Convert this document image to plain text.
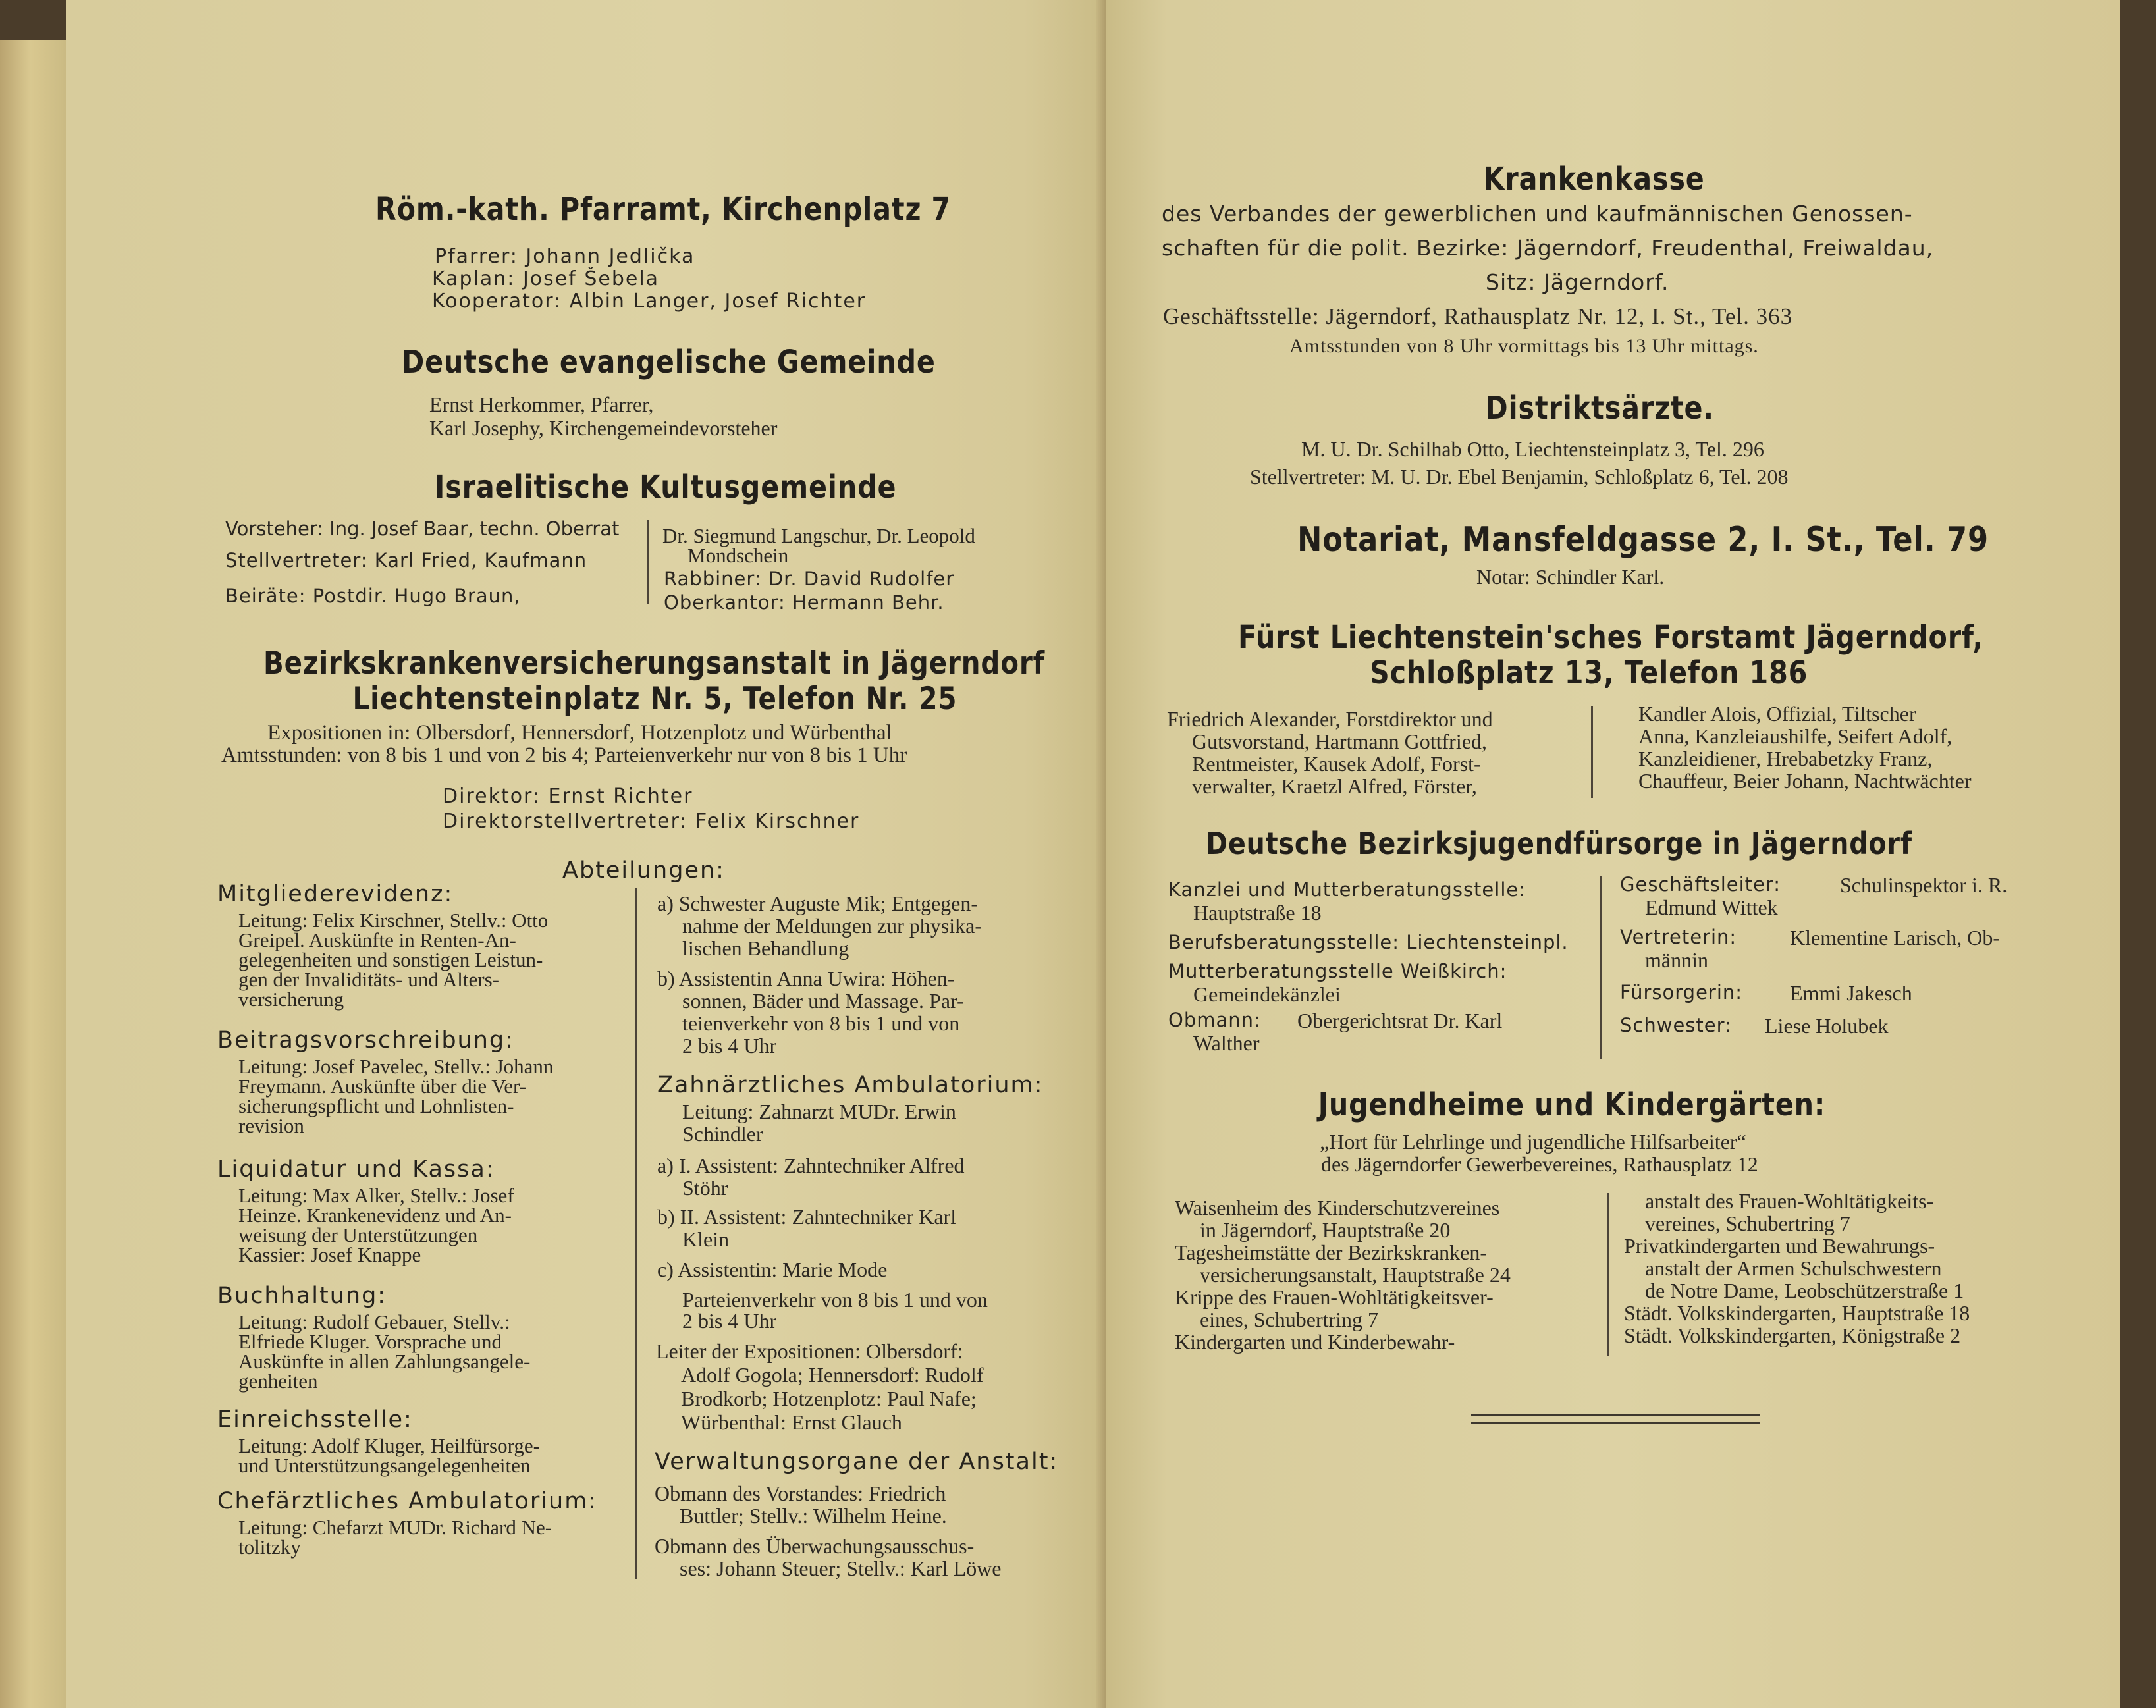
Röm.-kath. Pfarramt, Kirchenplatz 7
Pfarrer: Johann Jedlička
Kaplan: Josef Šebela
Kooperator: Albin Langer, Josef Richter
Deutsche evangelische Gemeinde
Ernst Herkommer, Pfarrer,
Karl Josephy, Kirchengemeindevorsteher
Israelitische Kultusgemeinde
Vorsteher: Ing. Josef Baar, techn. Oberrat
Stellvertreter: Karl Fried, Kaufmann
Beiräte: Postdir. Hugo Braun,
Dr. Siegmund Langschur, Dr. Leopold
Mondschein
Rabbiner: Dr. David Rudolfer
Oberkantor: Hermann Behr.
Bezirkskrankenversicherungsanstalt in Jägerndorf
Liechtensteinplatz Nr. 5, Telefon Nr. 25
Expositionen in: Olbersdorf, Hennersdorf, Hotzenplotz und Würbenthal
Amtsstunden: von 8 bis 1 und von 2 bis 4; Parteienverkehr nur von 8 bis 1 Uhr
Direktor: Ernst Richter
Direktorstellvertreter: Felix Kirschner
Abteilungen:
Mitgliederevidenz:
Leitung: Felix Kirschner, Stellv.: Otto
Greipel. Auskünfte in Renten-An-
gelegenheiten und sonstigen Leistun-
gen der Invaliditäts- und Alters-
versicherung
Beitragsvorschreibung:
Leitung: Josef Pavelec, Stellv.: Johann
Freymann. Auskünfte über die Ver-
sicherungspflicht und Lohnlisten-
revision
Liquidatur und Kassa:
Leitung: Max Alker, Stellv.: Josef
Heinze. Krankenevidenz und An-
weisung der Unterstützungen
Kassier: Josef Knappe
Buchhaltung:
Leitung: Rudolf Gebauer, Stellv.:
Elfriede Kluger. Vorsprache und
Auskünfte in allen Zahlungsangele-
genheiten
Einreichsstelle:
Leitung: Adolf Kluger, Heilfürsorge-
und Unterstützungsangelegenheiten
Chefärztliches Ambulatorium:
Leitung: Chefarzt MUDr. Richard Ne-
tolitzky
a) Schwester Auguste Mik; Entgegen-
nahme der Meldungen zur physika-
lischen Behandlung
b) Assistentin Anna Uwira: Höhen-
sonnen, Bäder und Massage. Par-
teienverkehr von 8 bis 1 und von
2 bis 4 Uhr
Zahnärztliches Ambulatorium:
Leitung: Zahnarzt MUDr. Erwin
Schindler
a) I. Assistent: Zahntechniker Alfred
Stöhr
b) II. Assistent: Zahntechniker Karl
Klein
c) Assistentin: Marie Mode
Parteienverkehr von 8 bis 1 und von
2 bis 4 Uhr
Leiter der Expositionen: Olbersdorf:
Adolf Gogola; Hennersdorf: Rudolf
Brodkorb; Hotzenplotz: Paul Nafe;
Würbenthal: Ernst Glauch
Verwaltungsorgane der Anstalt:
Obmann des Vorstandes: Friedrich
Buttler; Stellv.: Wilhelm Heine.
Obmann des Überwachungsausschus-
ses: Johann Steuer; Stellv.: Karl Löwe
Krankenkasse
des Verbandes der gewerblichen und kaufmännischen Genossen-
schaften für die polit. Bezirke: Jägerndorf, Freudenthal, Freiwaldau,
Sitz: Jägerndorf.
Geschäftsstelle: Jägerndorf, Rathausplatz Nr. 12, I. St., Tel. 363
Amtsstunden von 8 Uhr vormittags bis 13 Uhr mittags.
Distriktsärzte.
M. U. Dr. Schilhab Otto, Liechtensteinplatz 3, Tel. 296
Stellvertreter: M. U. Dr. Ebel Benjamin, Schloßplatz 6, Tel. 208
Notariat, Mansfeldgasse 2, I. St., Tel. 79
Notar: Schindler Karl.
Fürst Liechtenstein'sches Forstamt Jägerndorf,
Schloßplatz 13, Telefon 186
Friedrich Alexander, Forstdirektor und
Gutsvorstand, Hartmann Gottfried,
Rentmeister, Kausek Adolf, Forst-
verwalter, Kraetzl Alfred, Förster,
Kandler Alois, Offizial, Tiltscher
Anna, Kanzleiaushilfe, Seifert Adolf,
Kanzleidiener, Hrebabetzky Franz,
Chauffeur, Beier Johann, Nachtwächter
Deutsche Bezirksjugendfürsorge in Jägerndorf
Kanzlei und Mutterberatungsstelle:
Hauptstraße 18
Berufsberatungsstelle: Liechtensteinpl.
Mutterberatungsstelle Weißkirch:
Gemeindekänzlei
Obmann: Obergerichtsrat Dr. Karl
Walther
Geschäftsleiter:	Schulinspektor i. R.
Edmund Wittek
Vertreterin:	Klementine Larisch, Ob-
männin
Fürsorgerin: Emmi Jakesch
Schwester: Liese Holubek
Jugendheime und Kindergärten:
„Hort für Lehrlinge und jugendliche Hilfsarbeiter“
des Jägerndorfer Gewerbevereines, Rathausplatz 12
Waisenheim des Kinderschutzvereines
in Jägerndorf, Hauptstraße 20
Tagesheimstätte der Bezirkskranken-
versicherungsanstalt, Hauptstraße 24
Krippe des Frauen-Wohltätigkeitsver-
eines, Schubertring 7
Kindergarten und Kinderbewahr-
anstalt des Frauen-Wohltätigkeits-
vereines, Schubertring 7
Privatkindergarten und Bewahrungs-
anstalt der Armen Schulschwestern
de Notre Dame, Leobschützerstraße 1
Städt. Volkskindergarten, Hauptstraße 18
Städt. Volkskindergarten, Königstraße 2
